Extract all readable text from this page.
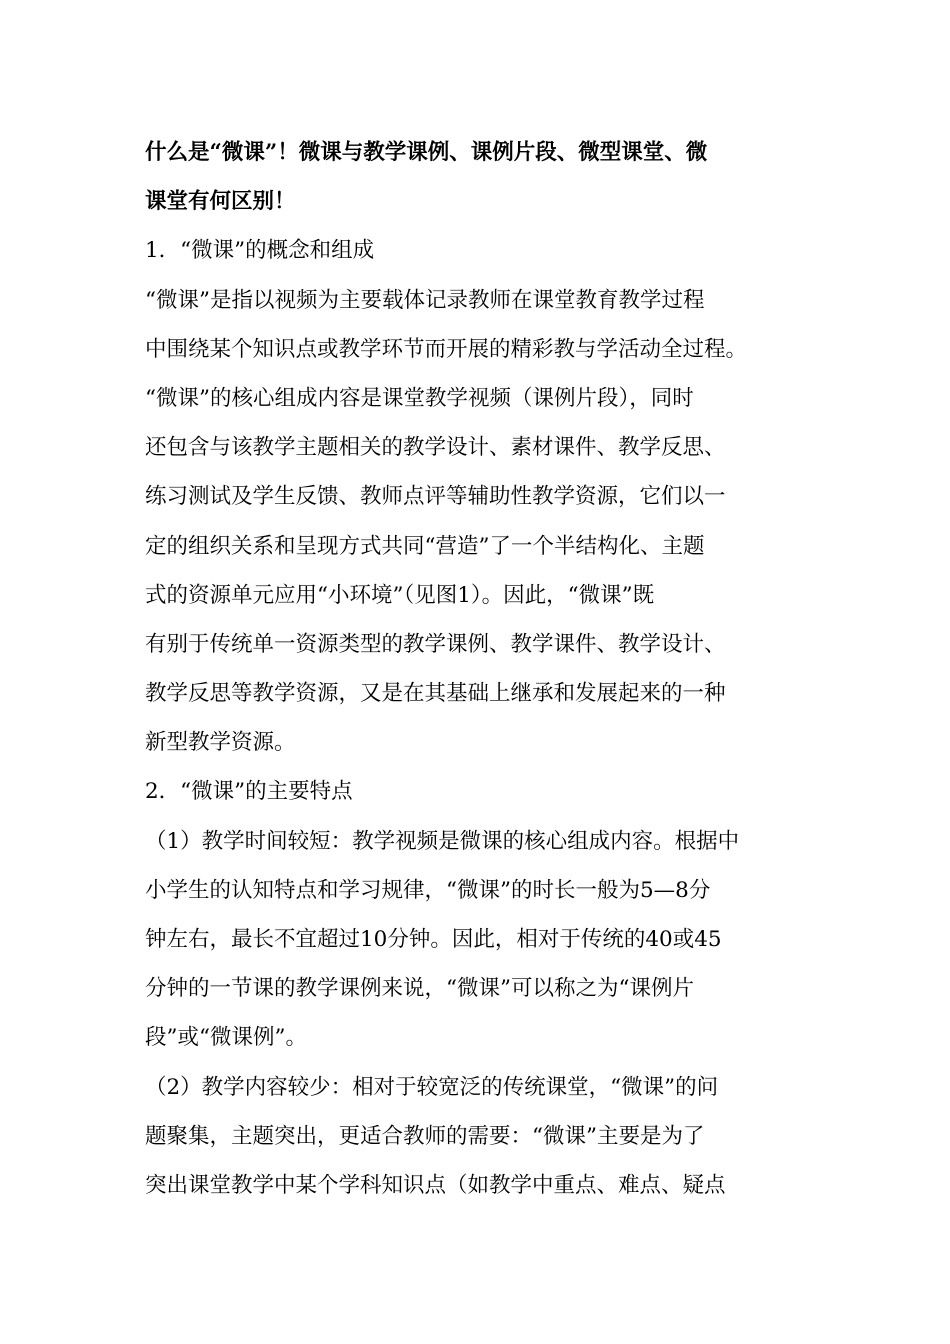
什么是“微课”！微课与教学课例、课例片段、微型课堂、微
课堂有何区别！
1．“微课”的概念和组成
“微课”是指以视频为主要载体记录教师在课堂教育教学过程
中围绕某个知识点或教学环节而开展的精彩教与学活动全过程。
“微课”的核心组成内容是课堂教学视频（课例片段），同时
还包含与该教学主题相关的教学设计、素材课件、教学反思、
练习测试及学生反馈、教师点评等辅助性教学资源，它们以一
定的组织关系和呈现方式共同“营造”了一个半结构化、主题
式的资源单元应用“小环境”（见图1）。因此，“微课”既
有别于传统单一资源类型的教学课例、教学课件、教学设计、
教学反思等教学资源，又是在其基础上继承和发展起来的一种
新型教学资源。
2．“微课”的主要特点
（1）教学时间较短：教学视频是微课的核心组成内容。根据中
小学生的认知特点和学习规律，“微课”的时长一般为5—8分
钟左右，最长不宜超过10分钟。因此，相对于传统的40或45
分钟的一节课的教学课例来说，“微课”可以称之为“课例片
段”或“微课例”。
（2）教学内容较少：相对于较宽泛的传统课堂，“微课”的问
题聚集，主题突出，更适合教师的需要：“微课”主要是为了
突出课堂教学中某个学科知识点（如教学中重点、难点、疑点
